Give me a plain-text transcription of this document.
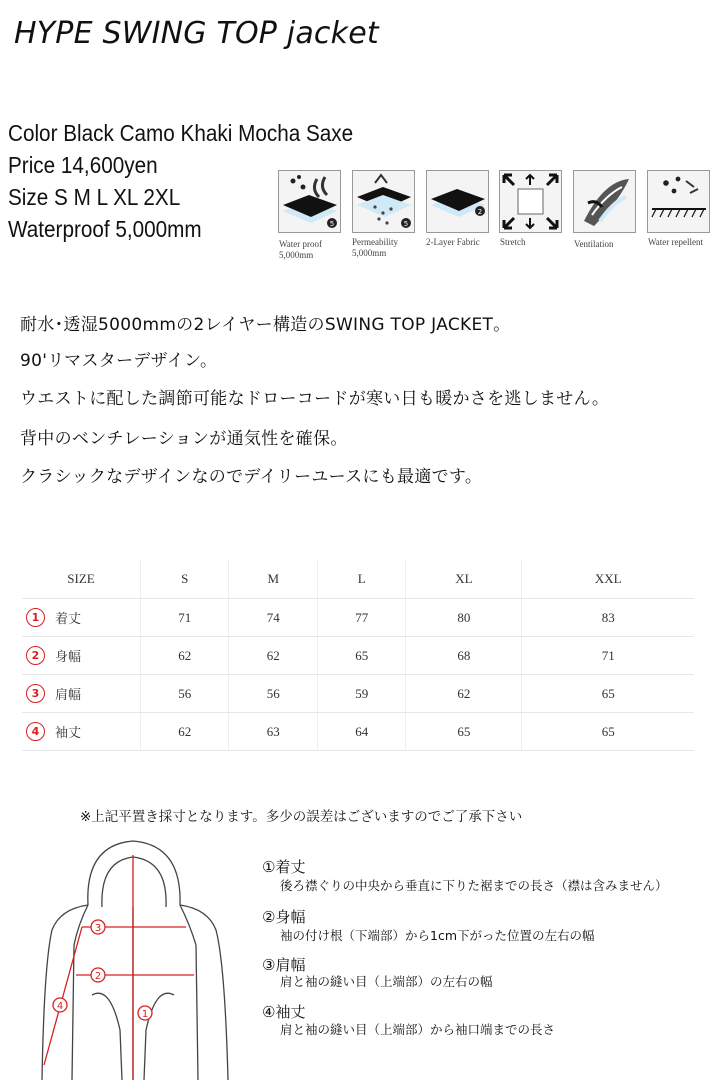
HYPE SWING TOP jacket
Color Black Camo Khaki Mocha Saxe
Price 14,600yen
Size S M L XL 2XL
Waterproof 5,000mm	5	5
2
Water proof
5,000mm
Permeability
5,000mm
2-Layer Fabric Stretch	Ventilation	Water repellent
耐水･透湿5000mmの2レイヤー構造のSWING TOP JACKET。
90'リマスターデザイン。
ウエストに配した調節可能なドローコードが寒い日も暖かさを逃しません。
背中のベンチレーションが通気性を確保。
クラシックなデザインなのでデイリーユースにも最適です。
SIZE	S	M	L	XL	XXL

1 着丈	71	74	77	80	83

2 身幅	62	62	65	68	71

3 肩幅	56	56	59	62	65

4 袖丈	62	63	64	65	65
※上記平置き採寸となります。多少の誤差はございますのでご了承下さい
1
2
3
4
①着丈
後ろ襟ぐりの中央から垂直に下りた裾までの長さ（襟は含みません）
②身幅
袖の付け根（下端部）から1cm下がった位置の左右の幅
③肩幅
肩と袖の縫い目（上端部）の左右の幅
④袖丈
肩と袖の縫い目（上端部）から袖口端までの長さ
